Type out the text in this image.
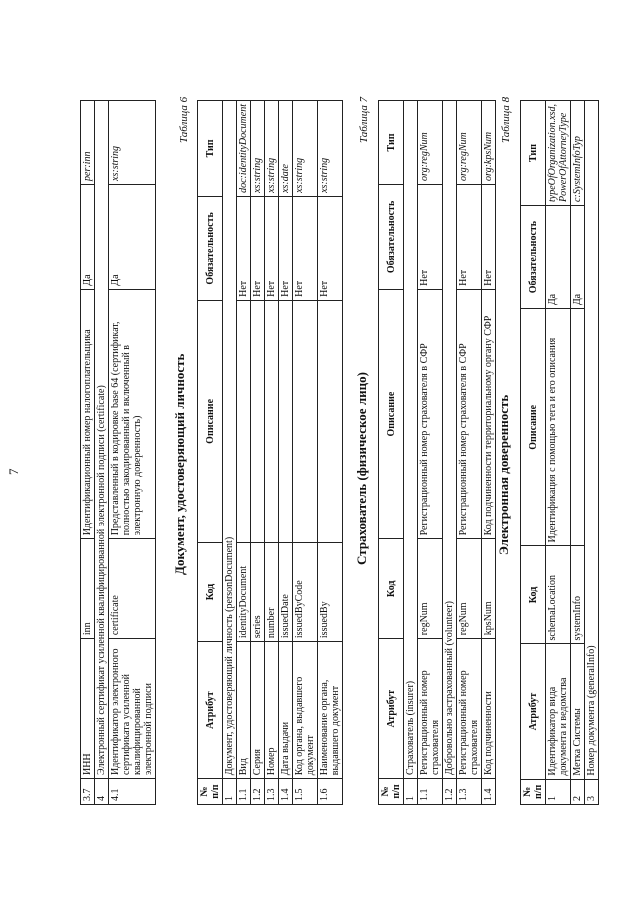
7
3.7	ИНН	inn	Идентификационный номер налогоплательщика	Да	per:inn
4	Электронный сертификат усиленной квалифицированной электронной подписи (certificate)				
4.1	Идентификатор электронного сертификата усиленной квалифицированной электронной подписи	certificate	Представленный в кодировке base 64 (сертификат, полностью закодированный и включенный в электронную доверенность)	Да	xs:string
Таблица 6
Документ, удостоверяющий личность
№ п/п	Атрибут	Код	Описание	Обязательность	Тип
1	Документ, удостоверяющий личность (personDocument)				
1.1	Вид	identityDocument		Нет	doc:identityDocument
1.2	Серия	series		Нет	xs:string
1.3	Номер	number		Нет	xs:string
1.4	Дата выдачи	issuedDate		Нет	xs:date
1.5	Код органа, выдавшего документ	issuedByCode		Нет	xs:string
1.6	Наименование органа, выдавшего документ	issuedBy		Нет	xs:string
Таблица 7
Страхователь (физическое лицо)
№ п/п	Атрибут	Код	Описание	Обязательность	Тип
1	Страхователь (insurer)				
1.1	Регистрационный номер страхователя	regNum	Регистрационный номер страхователя в СФР	Нет	org:regNum
1.2	Добровольно застрахованный (volunteer)				
1.3	Регистрационный номер страхователя	regNum	Регистрационный номер страхователя в СФР	Нет	org:regNum
1.4	Код подчиненности	kpsNum	Код подчиненности территориальному органу СФР	Нет	org:kpsNum
Таблица 8
Электронная доверенность
№ п/п	Атрибут	Код	Описание	Обязательность	Тип
1	Идентификатор вида документа и ведомства	schemaLocation	Идентификация с помощью тега и его описания	Да	typeOfOrganization.xsd, PowerOfAttorneyType
2	Метка Системы	systemInfo		Да	c:SystemInfoTyp
3	Номер документа (generalInfo)				
